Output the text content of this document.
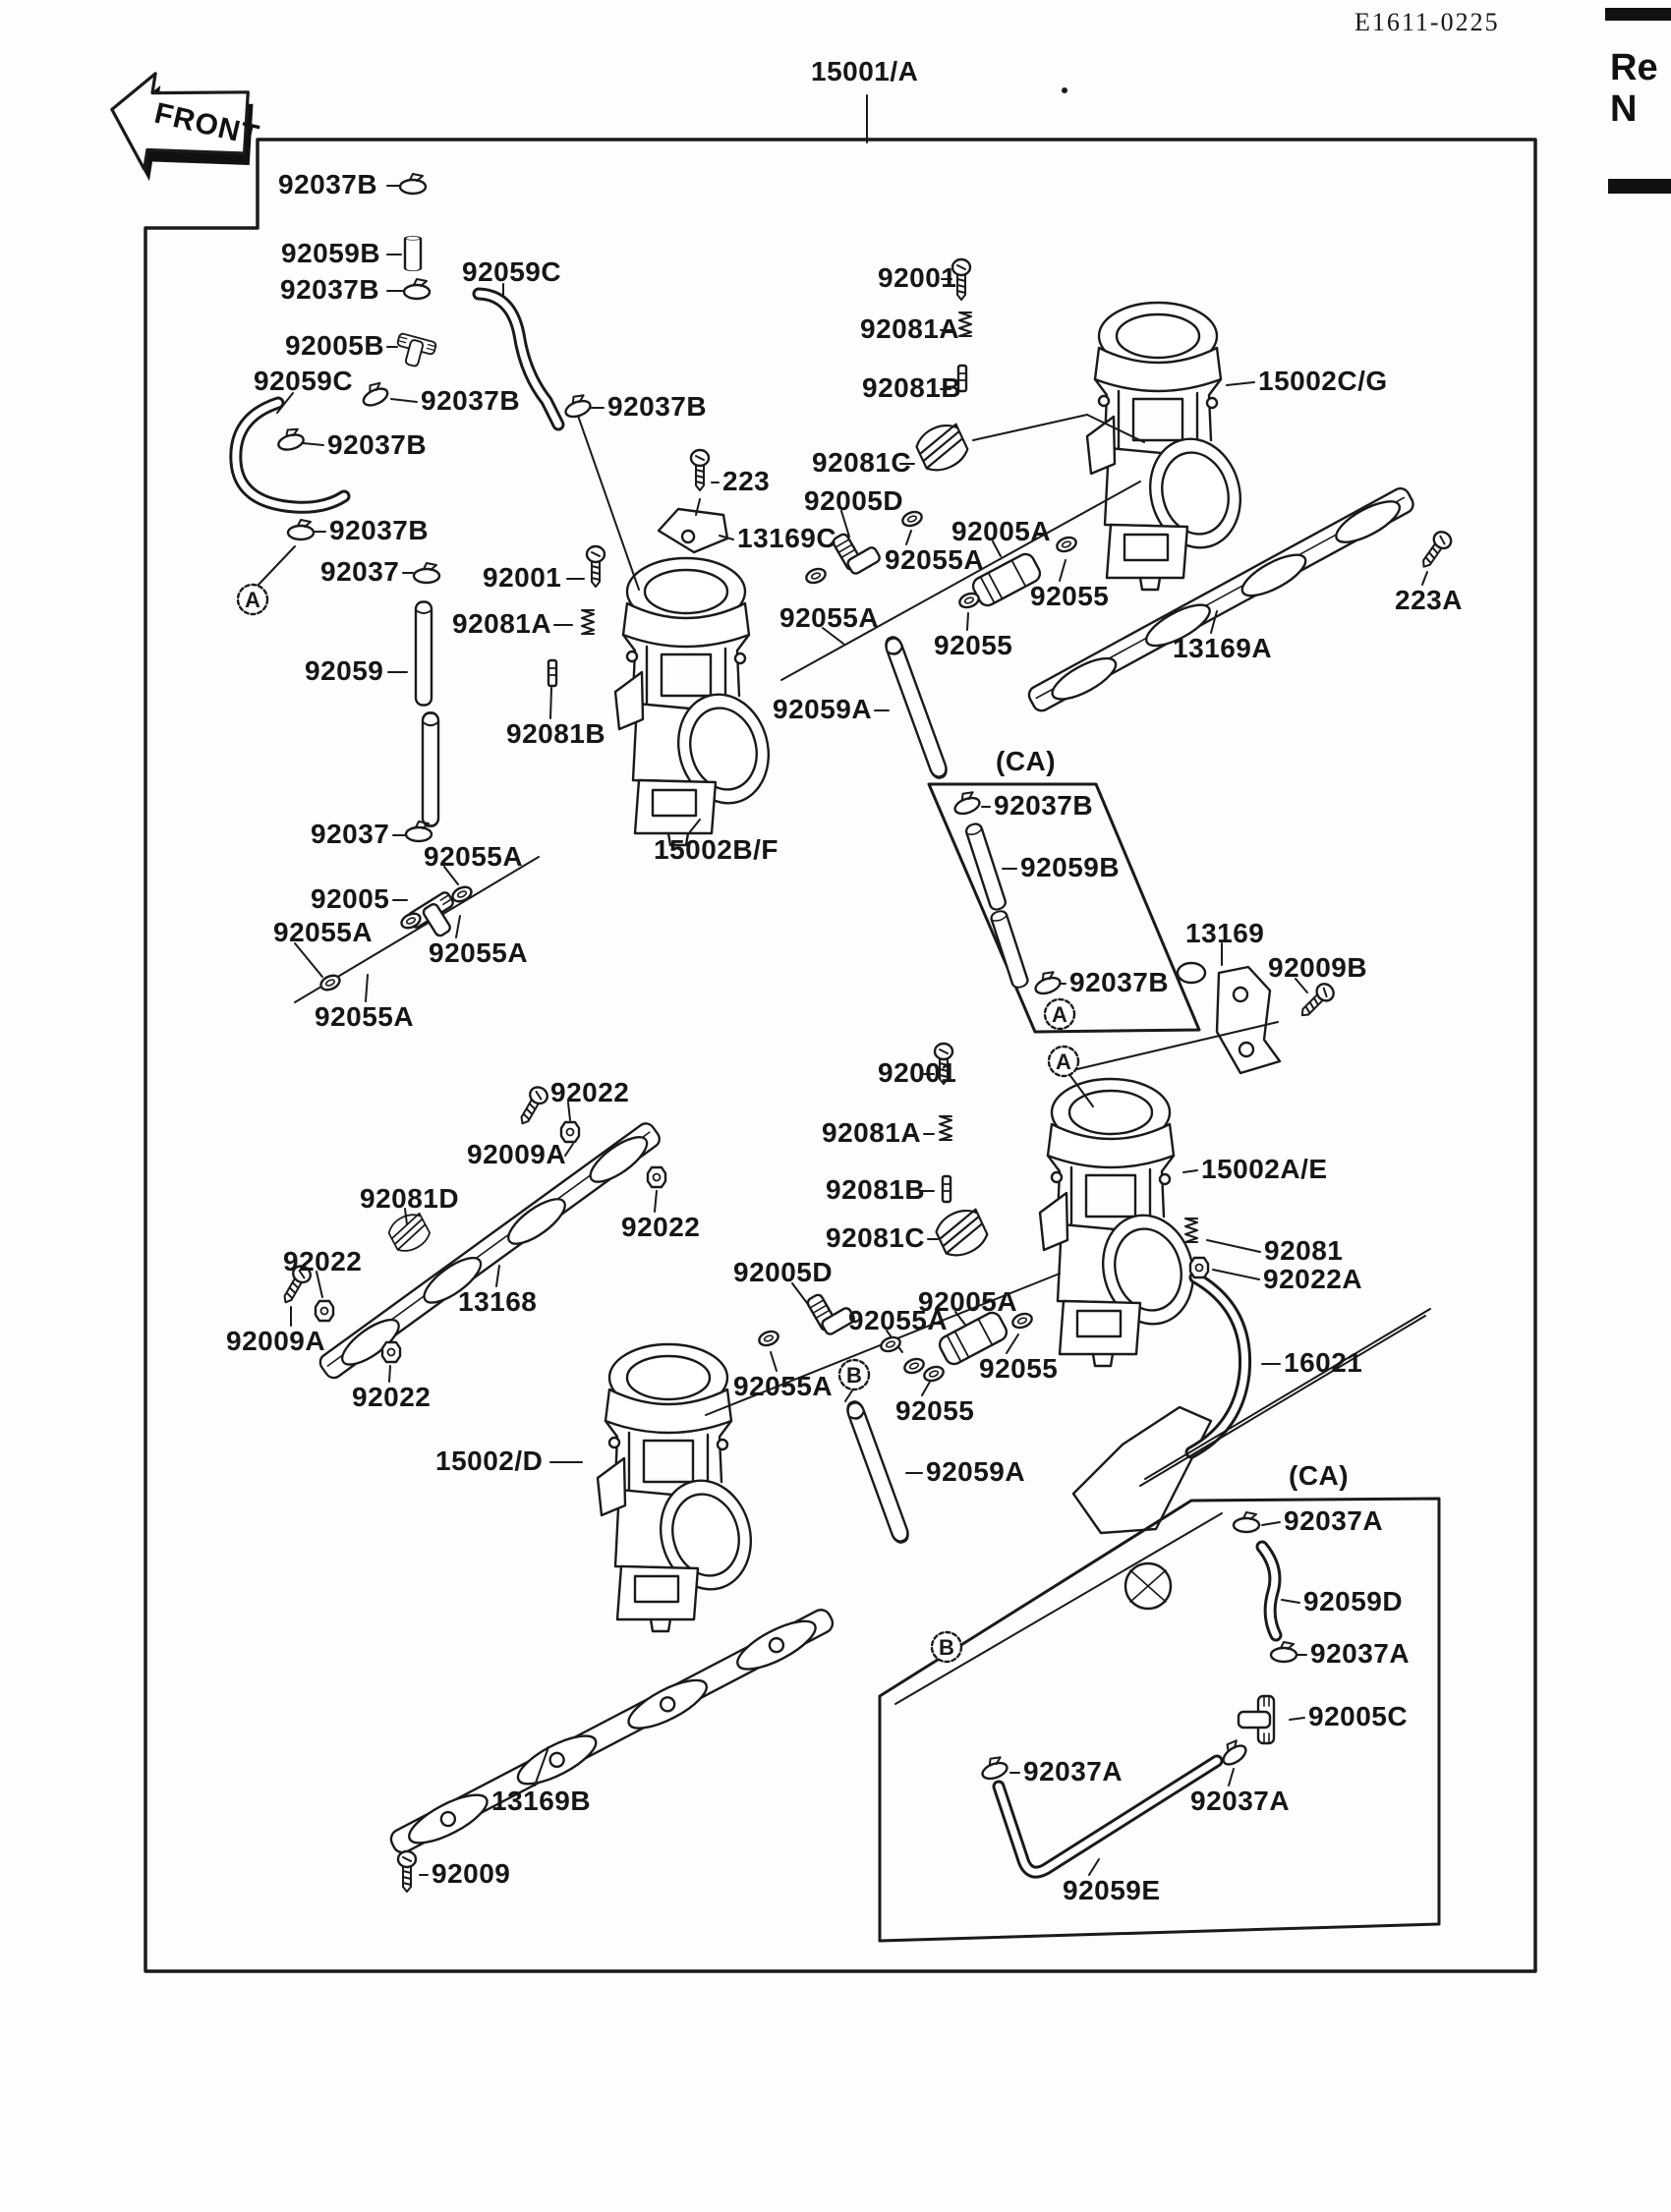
FRONT
A
A
A
B
B
E1611-0225
15001/A
92037B
92059B
92037B
92005B
92059C
92059C
92037B	92037B
92037B
92037B
92037	92001
92081A
92059
92081B
223
92005D
13169C	92005A
92055A
92055
92055A
92055
15002B/F
92037
92055A
92005
92055A
92055A
92055A
92022
92009A
92081D
92022
92022
92009A
13168
92022
15002/D
92001
92081A
92081B
92081C
15002C/G
223A
13169A
92059A
92037B
92059B
92037B
13169
92009B
92001
92081A
92081B
92081C
15002A/E
92081
92022A
16021
92005D
92005A
92055A
92055
92055A
92055
92059A
92037A
92059D
92037A
92005C
92037A
92037A
92059E
13169B
92009
(CA)
(CA)
Re
N
